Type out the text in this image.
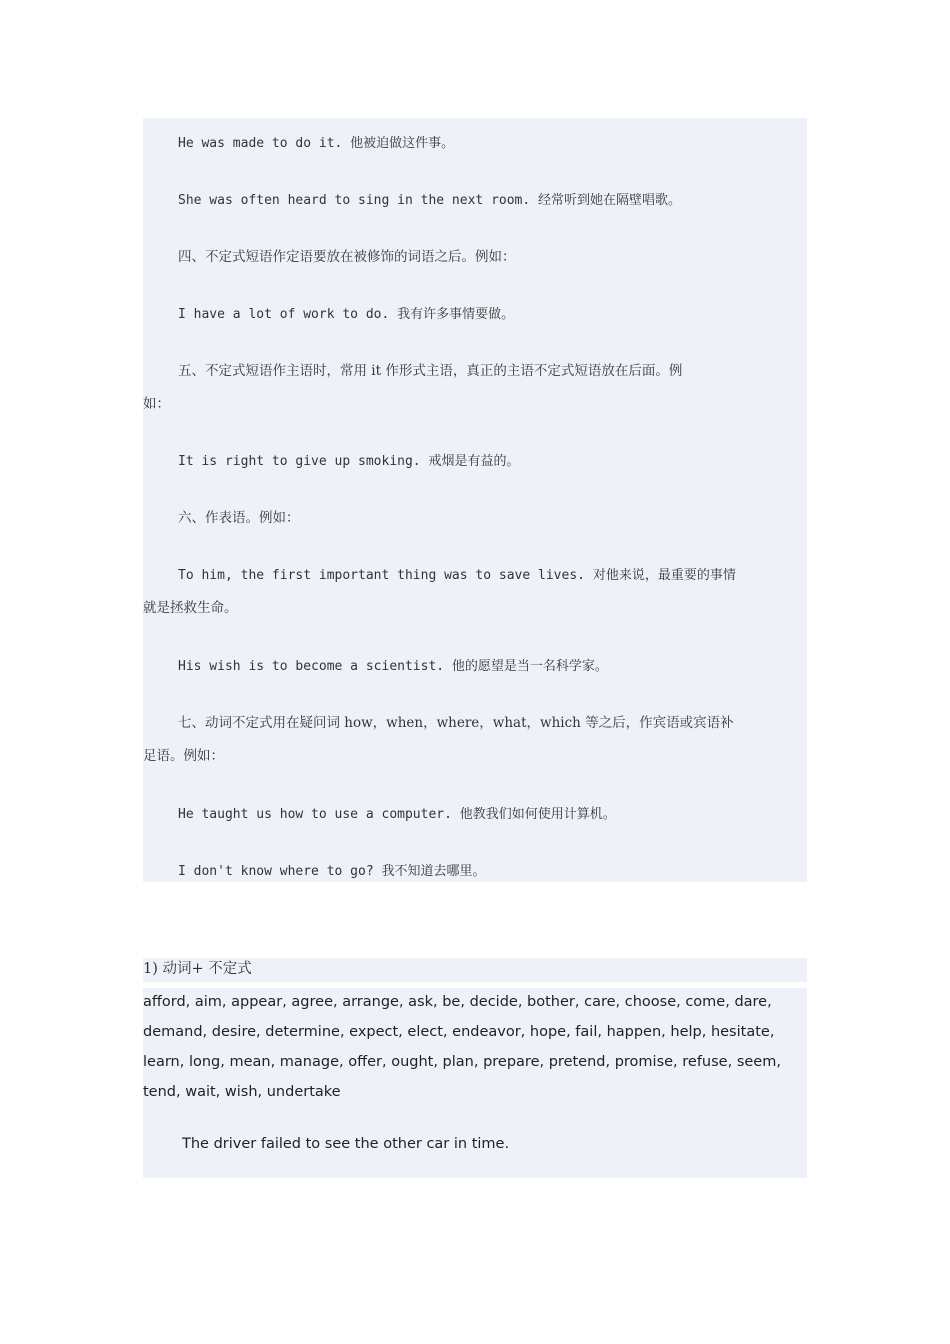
He was made to do it. 他被迫做这件事。
She was often heard to sing in the next room. 经常听到她在隔壁唱歌。
四、不定式短语作定语要放在被修饰的词语之后。例如：
I have a lot of work to do. 我有许多事情要做。
五、不定式短语作主语时，常用 it 作形式主语，真正的主语不定式短语放在后面。例
如：
It is right to give up smoking. 戒烟是有益的。
六、作表语。例如：
To him, the first important thing was to save lives. 对他来说，最重要的事情
就是拯救生命。
His wish is to become a scientist. 他的愿望是当一名科学家。
七、动词不定式用在疑问词 how，when，where，what，which 等之后，作宾语或宾语补
足语。例如：
He taught us how to use a computer. 他教我们如何使用计算机。
I don't know where to go? 我不知道去哪里。
1) 动词+ 不定式
afford, aim, appear, agree, arrange, ask, be, decide, bother, care, choose, come, dare,
demand, desire, determine, expect, elect, endeavor, hope, fail, happen, help, hesitate,
learn, long, mean, manage, offer, ought, plan, prepare, pretend, promise, refuse, seem,
tend, wait, wish, undertake
The driver failed to see the other car in time.
